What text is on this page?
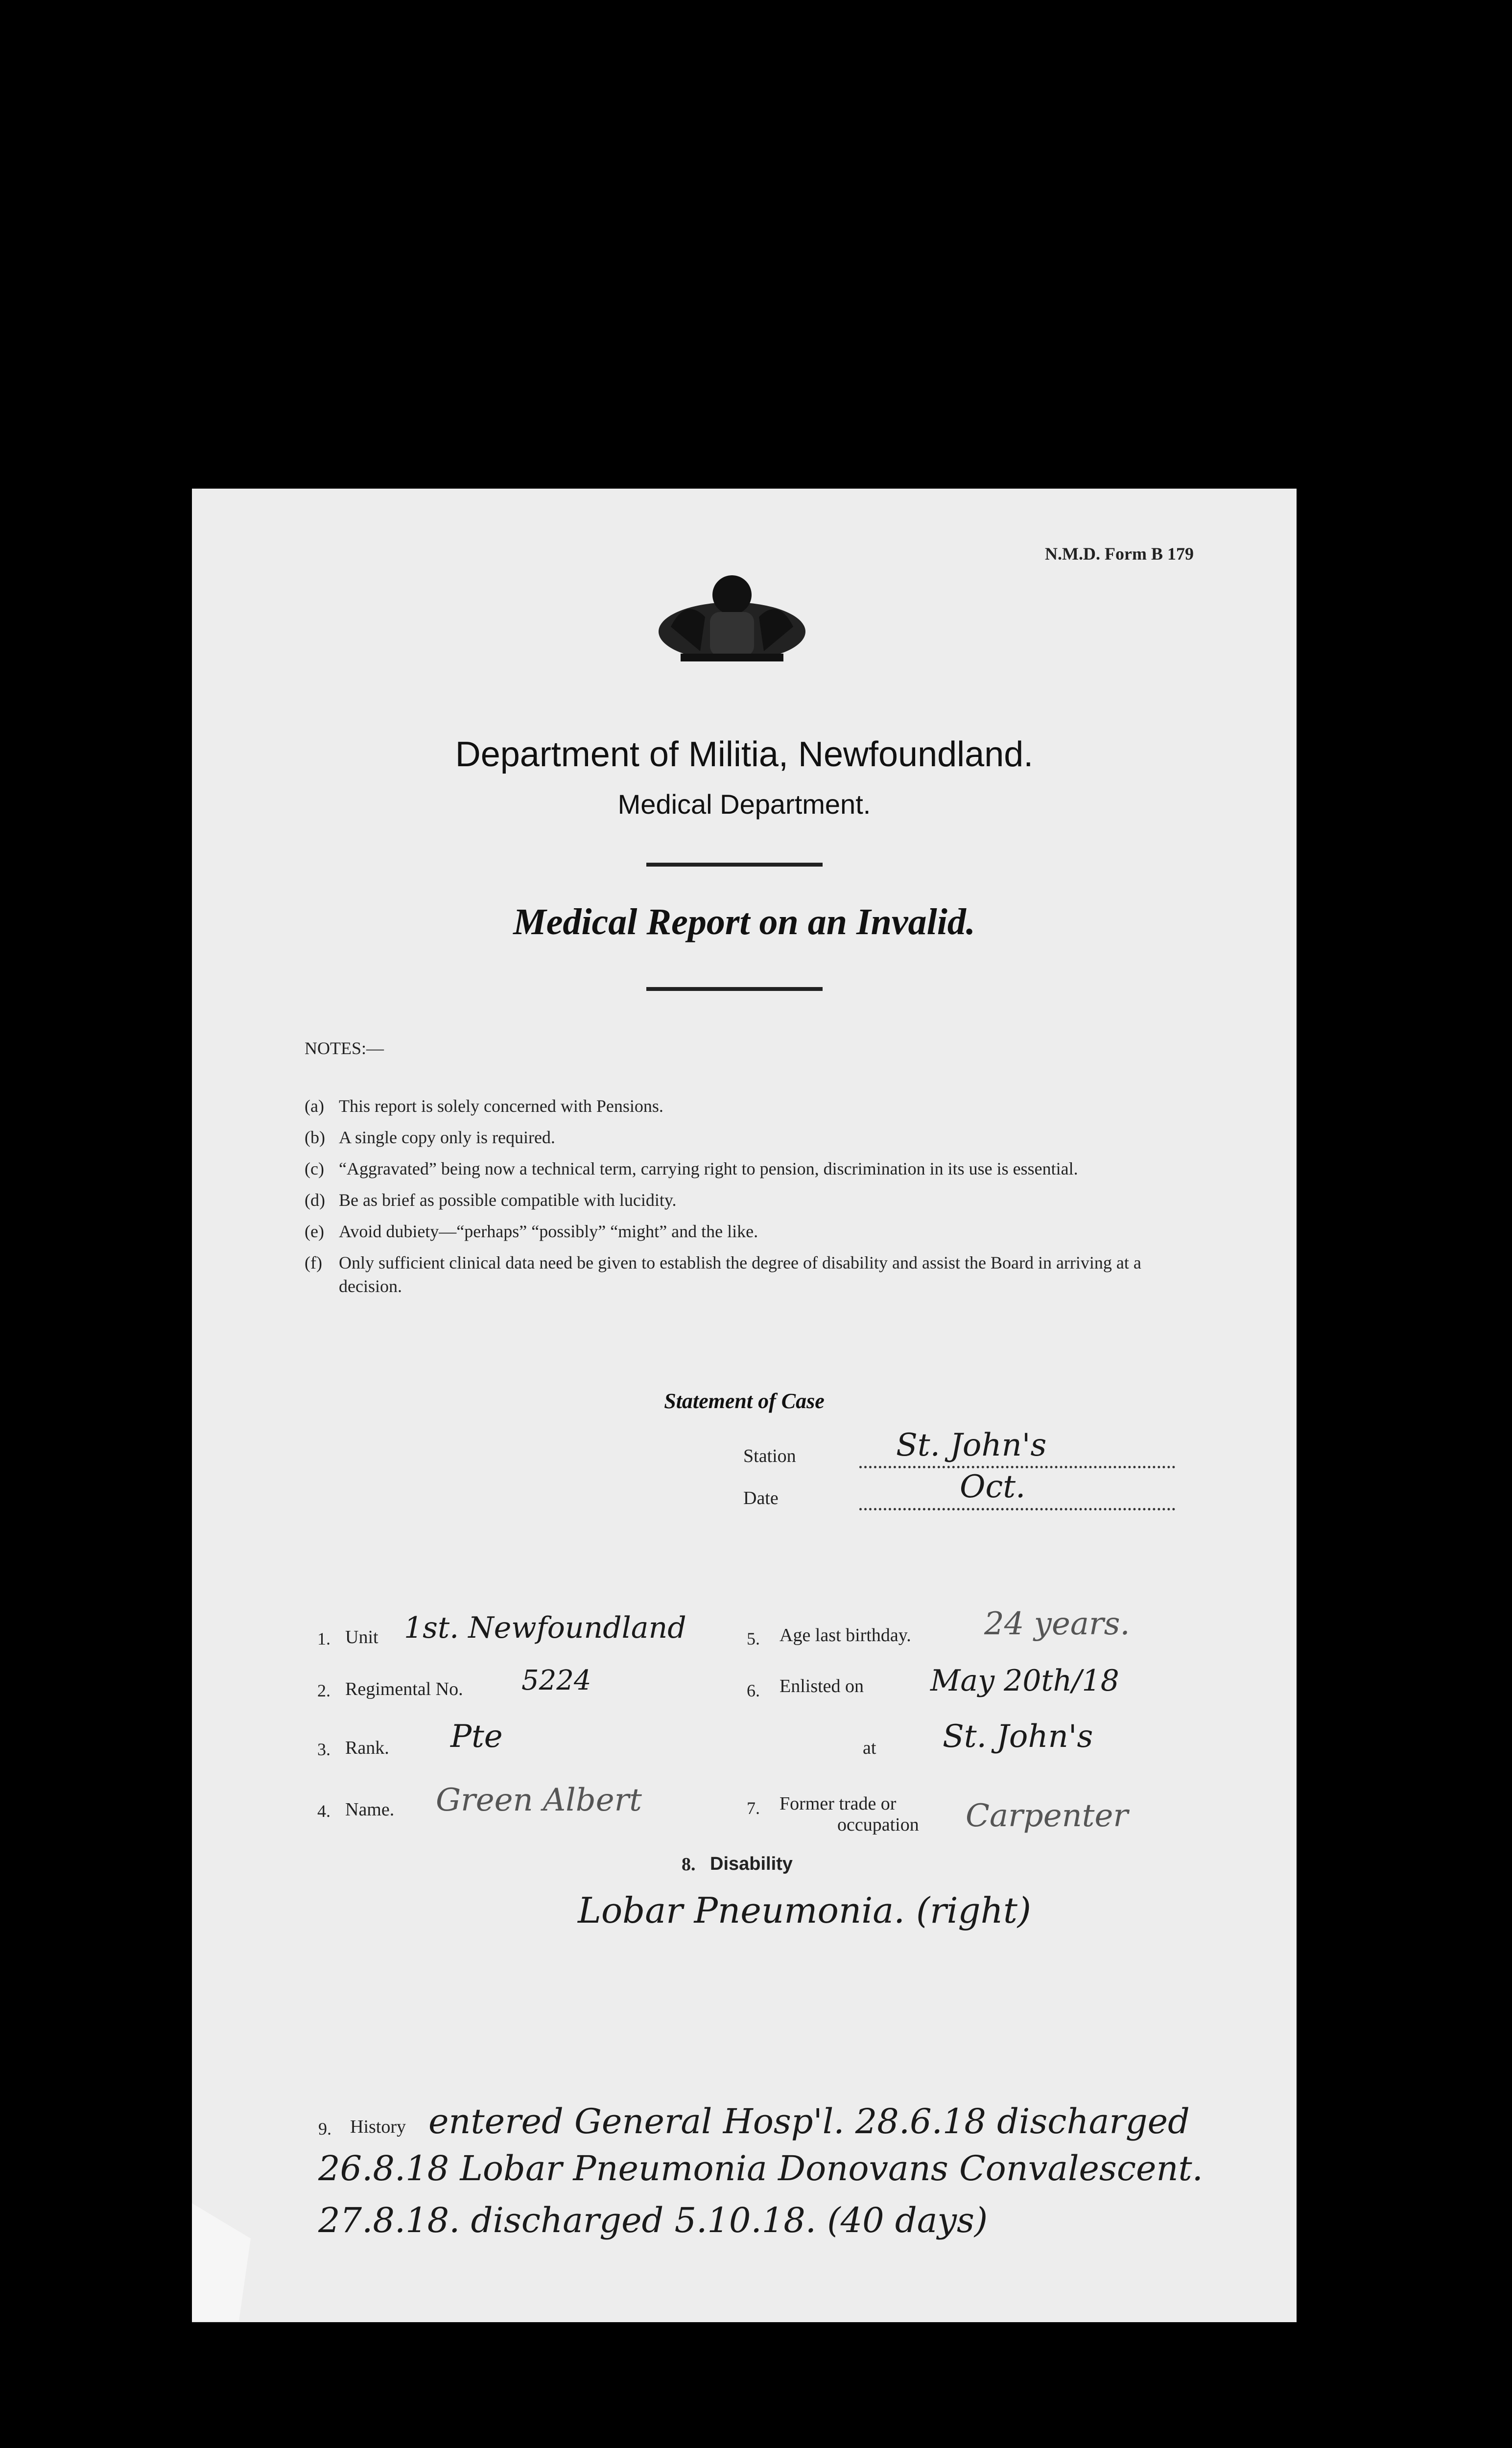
N.M.D. Form B 179
Department of Militia, Newfoundland.
Medical Department.
Medical Report on an Invalid.
NOTES:—
(a) This report is solely concerned with Pensions.
(b) A single copy only is required.
(c) “Aggravated” being now a technical term, carrying right to pension, discrimination in its use is essential.
(d) Be as brief as possible compatible with lucidity.
(e) Avoid dubiety—“perhaps” “possibly” “might” and the like.
(f) Only sufficient clinical data need be given to establish the degree of disability and assist the Board in arriving at a decision.
Statement of Case
Station	St. John's
Date	Oct.
1. Unit 1st. Newfoundland
2. Regimental No. 5224
3. Rank. Pte
4. Name. Green Albert
5. Age last birthday. 24 years.
6. Enlisted on May 20th/18
at St. John's
7. Former trade or
occupation Carpenter
8. Disability
Lobar Pneumonia. (right)
9. History entered General Hosp'l. 28.6.18 discharged
26.8.18 Lobar Pneumonia Donovans Convalescent.
27.8.18. discharged 5.10.18. (40 days)
